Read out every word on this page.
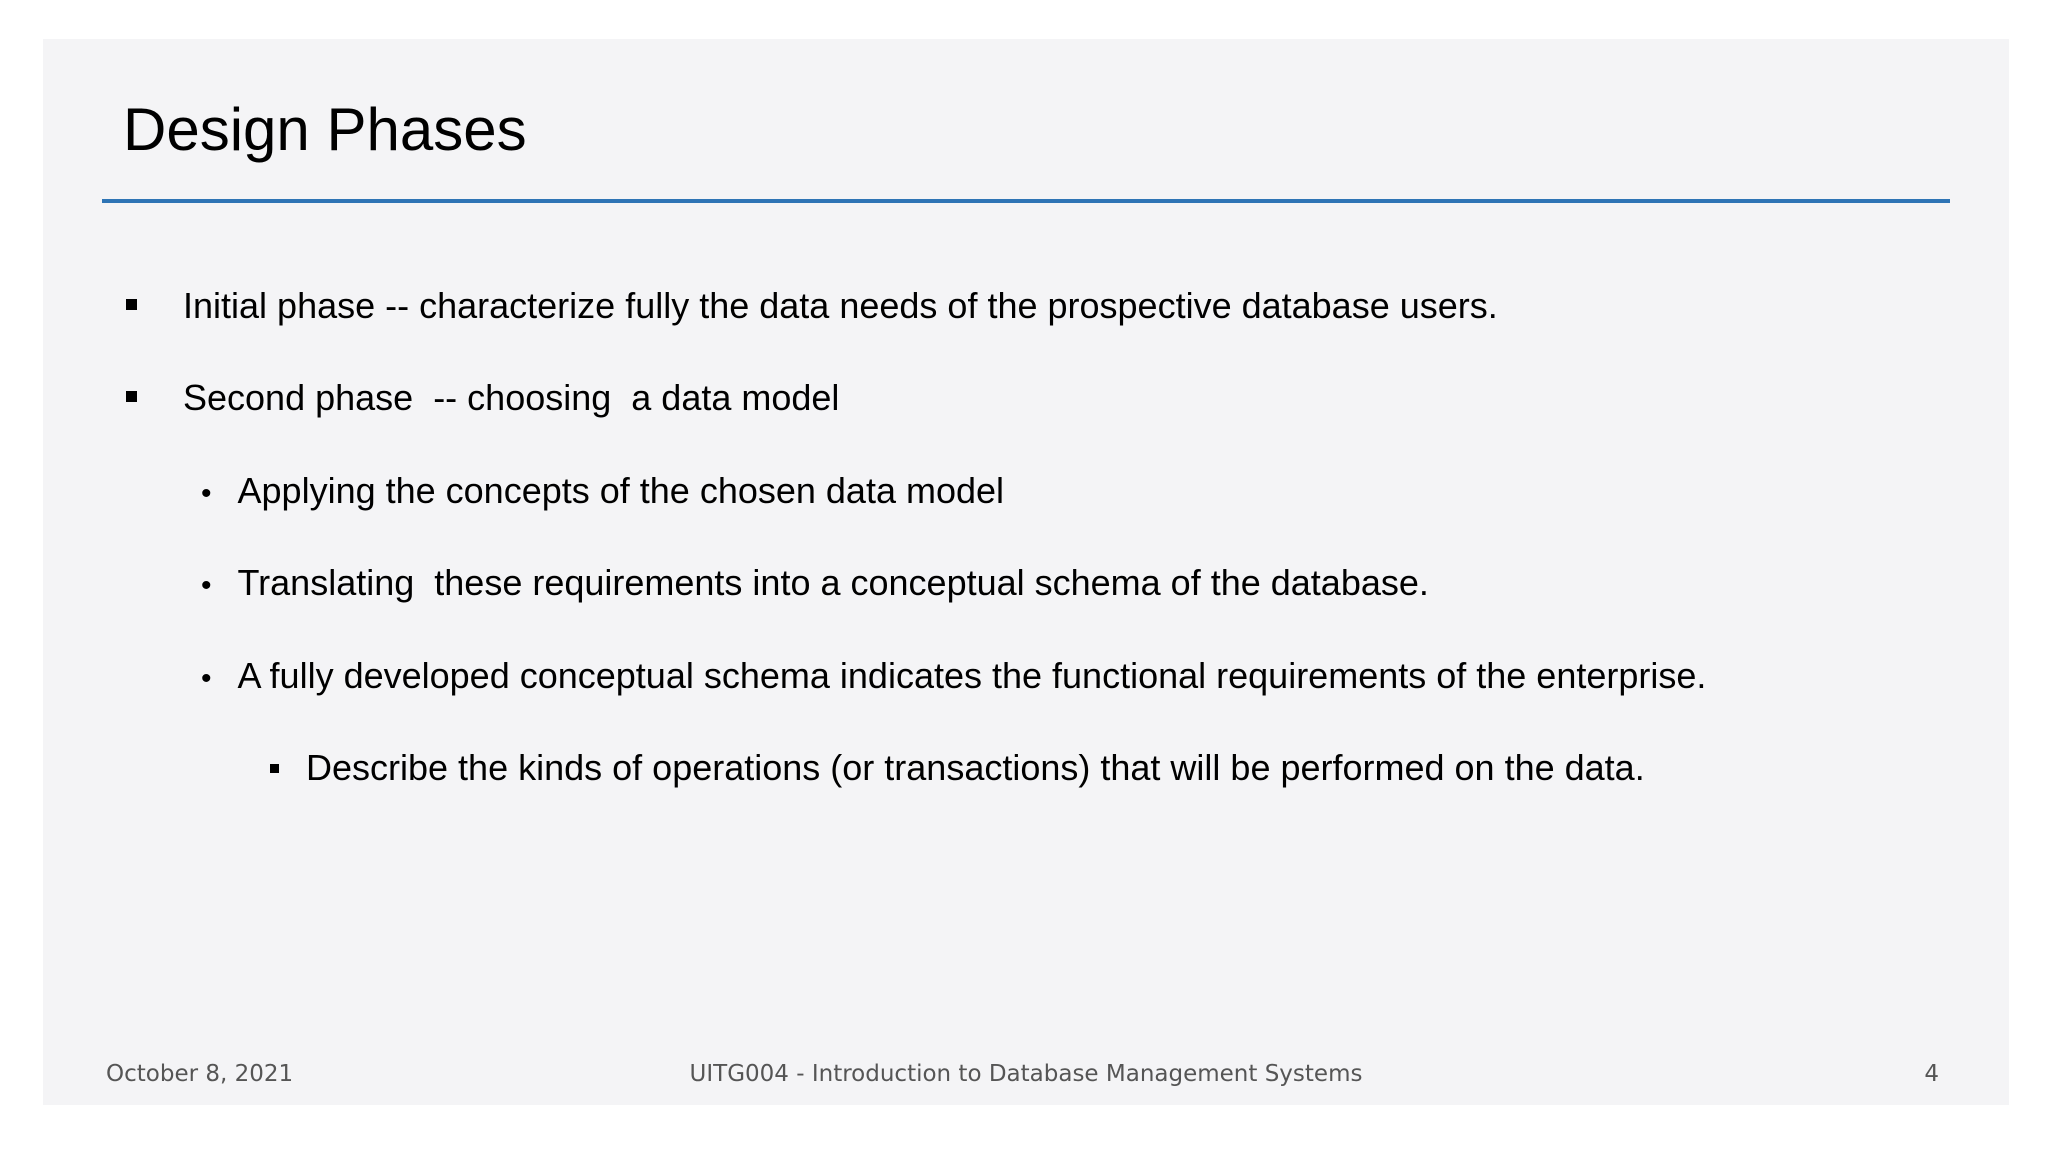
Design Phases
Initial phase -- characterize fully the data needs of the prospective database users.
Second phase  -- choosing  a data model
• Applying the concepts of the chosen data model
• Translating  these requirements into a conceptual schema of the database.
• A fully developed conceptual schema indicates the functional requirements of the enterprise.
Describe the kinds of operations (or transactions) that will be performed on the data.
October 8, 2021	UITG004 - Introduction to Database Management Systems	4
